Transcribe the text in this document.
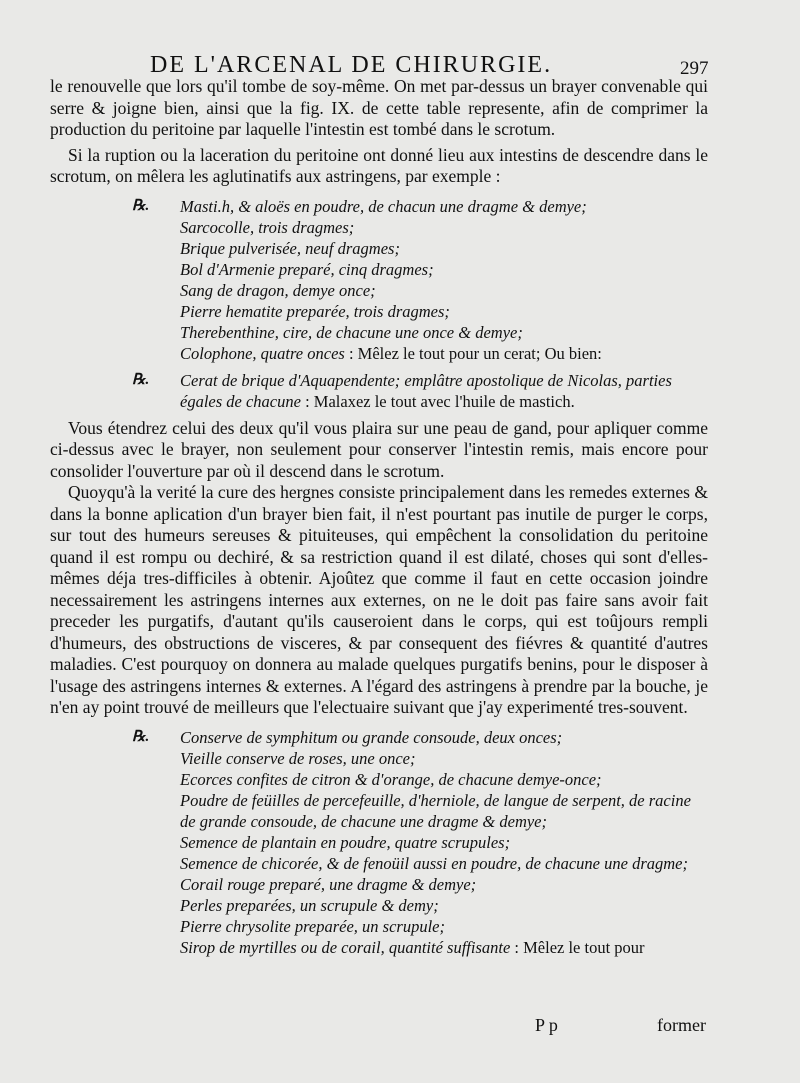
DE L'ARCENAL DE CHIRURGIE.	297

le renouvelle que lors qu'il tombe de soy-même. On met par-dessus un brayer convenable qui serre & joigne bien, ainsi que la fig. IX. de cette table represente, afin de comprimer la production du peritoine par laquelle l'intestin est tombé dans le scrotum.

Si la ruption ou la laceration du peritoine ont donné lieu aux intestins de descendre dans le scrotum, on mêlera les aglutinatifs aux astringens, par exemple :

℞. Masti.h, & aloës en poudre, de chacun une dragme & demye;
Sarcocolle, trois dragmes;
Brique pulverisée, neuf dragmes;
Bol d'Armenie preparé, cinq dragmes;
Sang de dragon, demye once;
Pierre hematite preparée, trois dragmes;
Therebenthine, cire, de chacune une once & demye;
Colophone, quatre onces : Mêlez le tout pour un cerat; Ou bien:
℞. Cerat de brique d'Aquapendente; emplâtre apostolique de Nicolas, parties égales de chacune : Malaxez le tout avec l'huile de mastich.

Vous étendrez celui des deux qu'il vous plaira sur une peau de gand, pour apliquer comme ci-dessus avec le brayer, non seulement pour conserver l'intestin remis, mais encore pour consolider l'ouverture par où il descend dans le scrotum.

Quoyqu'à la verité la cure des hergnes consiste principalement dans les remedes externes & dans la bonne aplication d'un brayer bien fait, il n'est pourtant pas inutile de purger le corps, sur tout des humeurs sereuses & pituiteuses, qui empêchent la consolidation du peritoine quand il est rompu ou dechiré, & sa restriction quand il est dilaté, choses qui sont d'elles-mêmes déja tres-difficiles à obtenir. Ajoûtez que comme il faut en cette occasion joindre necessairement les astringens internes aux externes, on ne le doit pas faire sans avoir fait preceder les purgatifs, d'autant qu'ils causeroient dans le corps, qui est toûjours rempli d'humeurs, des obstructions de visceres, & par consequent des fiévres & quantité d'autres maladies. C'est pourquoy on donnera au malade quelques purgatifs benins, pour le disposer à l'usage des astringens internes & externes. A l'égard des astringens à prendre par la bouche, je n'en ay point trouvé de meilleurs que l'electuaire suivant que j'ay experimenté tres-souvent.

℞. Conserve de symphitum ou grande consoude, deux onces;
Vieille conserve de roses, une once;
Ecorces confites de citron & d'orange, de chacune demye-once;
Poudre de feüilles de percefeuille, d'herniole, de langue de serpent, de racine de grande consoude, de chacune une dragme & demye;
Semence de plantain en poudre, quatre scrupules;
Semence de chicorée, & de fenoüil aussi en poudre, de chacune une dragme;
Corail rouge preparé, une dragme & demye;
Perles preparées, un scrupule & demy;
Pierre chrysolite preparée, un scrupule;
Sirop de myrtilles ou de corail, quantité suffisante : Mêlez le tout pour
P p	former
